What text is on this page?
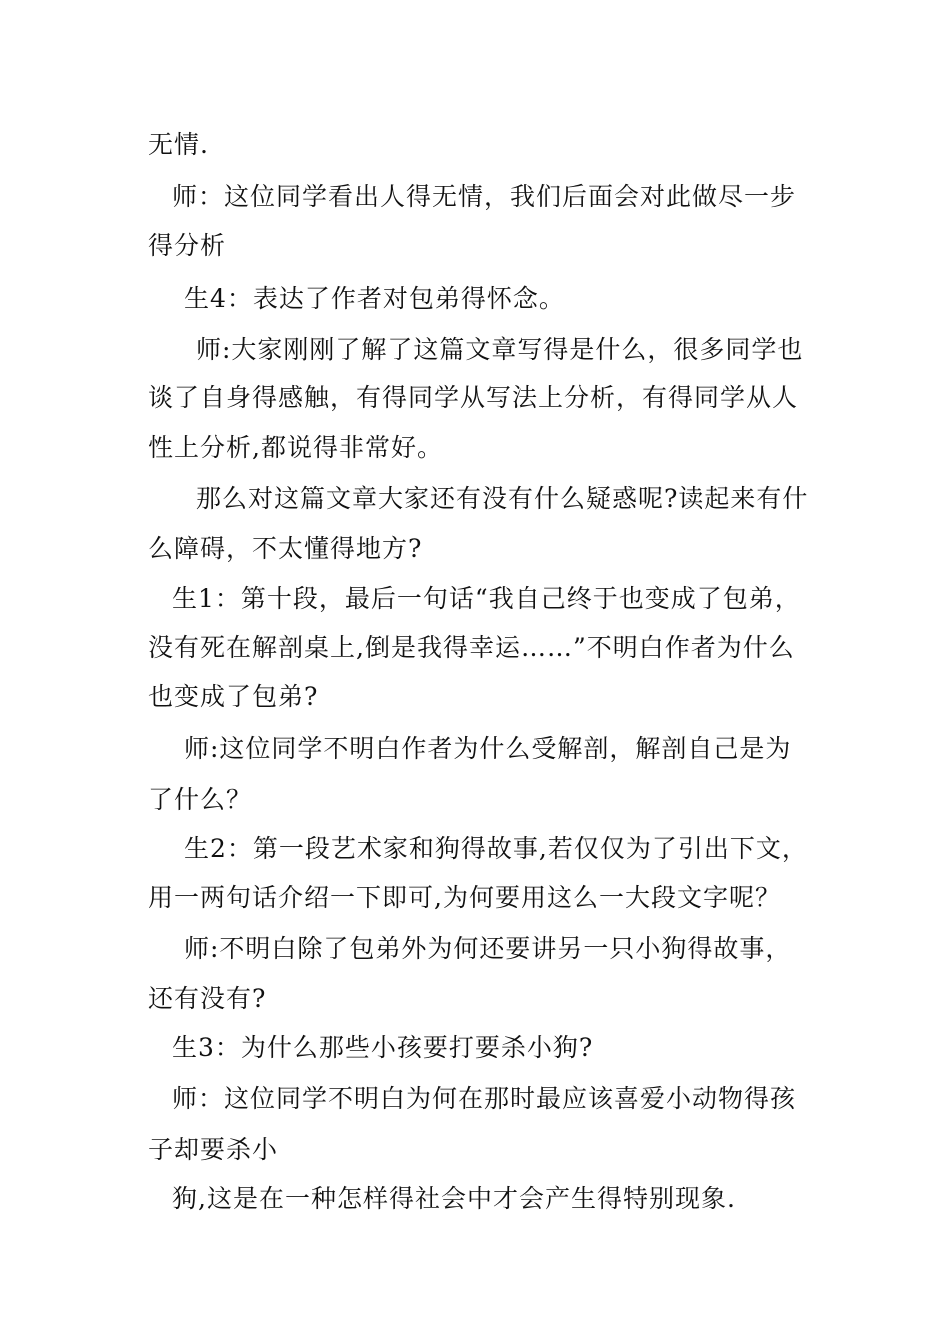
无情.
师：这位同学看出人得无情，我们后面会对此做尽一步
得分析
生4：表达了作者对包弟得怀念。
师:大家刚刚了解了这篇文章写得是什么，很多同学也
谈了自身得感触，有得同学从写法上分析，有得同学从人
性上分析,都说得非常好。
那么对这篇文章大家还有没有什么疑惑呢?读起来有什
么障碍，不太懂得地方?
生1：第十段，最后一句话“我自己终于也变成了包弟，
没有死在解剖桌上,倒是我得幸运……”不明白作者为什么
也变成了包弟?
师:这位同学不明白作者为什么受解剖，解剖自己是为
了什么？
生2：第一段艺术家和狗得故事,若仅仅为了引出下文，
用一两句话介绍一下即可,为何要用这么一大段文字呢？
师:不明白除了包弟外为何还要讲另一只小狗得故事，
还有没有?
生3：为什么那些小孩要打要杀小狗?
师：这位同学不明白为何在那时最应该喜爱小动物得孩
子却要杀小
狗,这是在一种怎样得社会中才会产生得特别现象.
